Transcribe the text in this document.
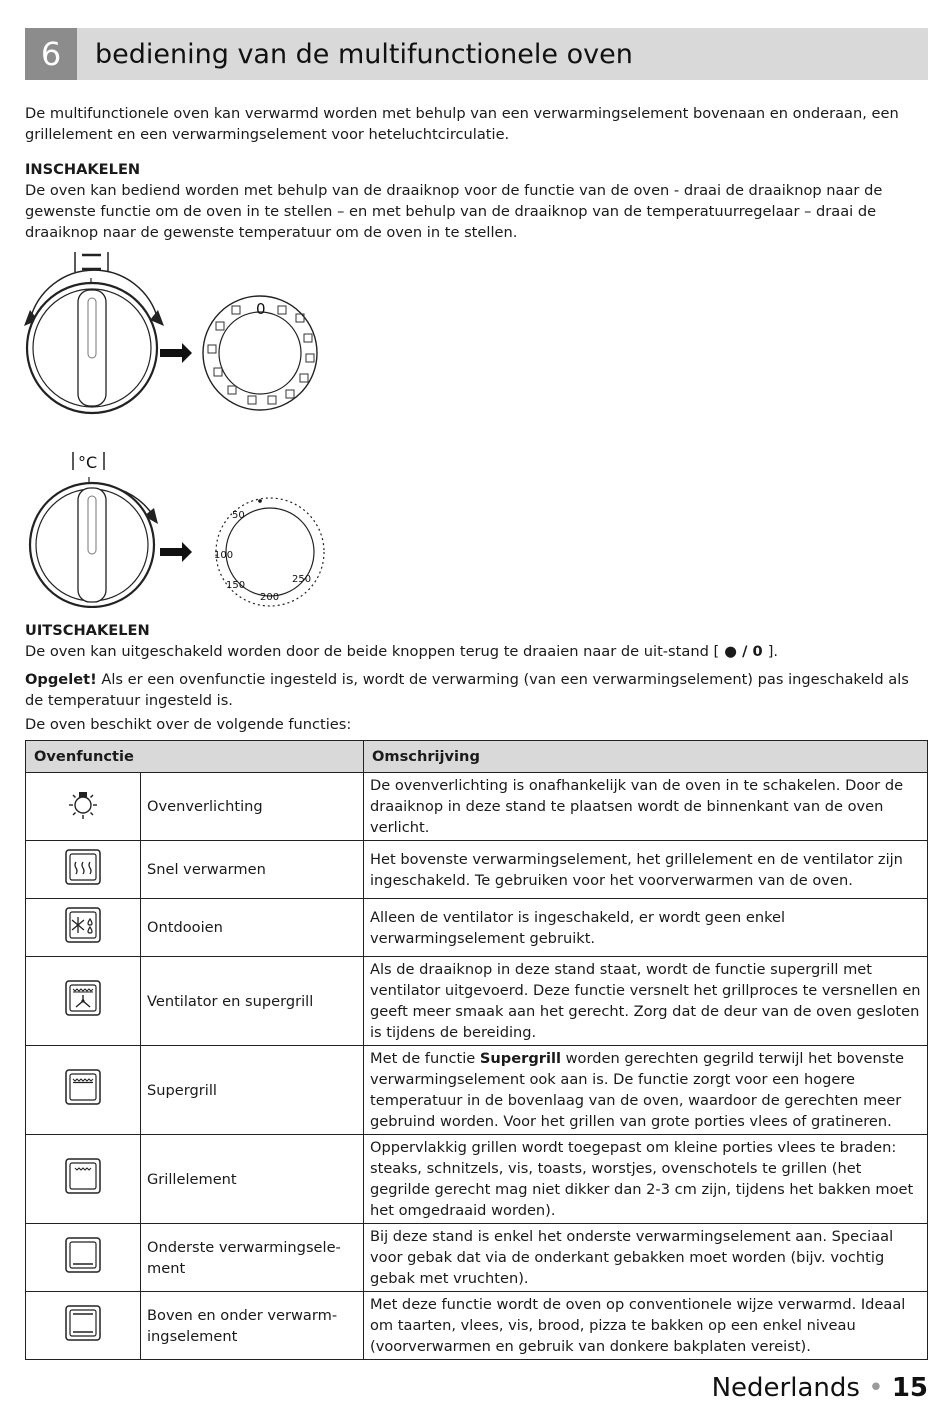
6	bediening van de multifunctionele oven
De multifunctionele oven kan verwarmd worden met behulp van een verwarmingselement bovenaan en onderaan, een grillelement en een verwarmingselement voor heteluchtcirculatie.
INSCHAKELEN
De oven kan bediend worden met behulp van de draaiknop voor de functie van de oven - draai de draaiknop naar de gewenste functie om de oven in te stellen – en met behulp van de draaiknop van de temperatuurregelaar – draai de draaiknop naar de gewenste temperatuur om de oven in te stellen.
0
°C
50
100
150
200
250
UITSCHAKELEN
De oven kan uitgeschakeld worden door de beide knoppen terug te draaien naar de uit-stand [ ● / 0 ].
Opgelet! Als er een ovenfunctie ingesteld is, wordt de verwarming (van een verwarmingselement) pas ingeschakeld als de temperatuur ingesteld is.
De oven beschikt over de volgende functies:
Ovenfunctie		Omschrijving
	Ovenverlichting	De ovenverlichting is onafhankelijk van de oven in te schakelen. Door de draaiknop in deze stand te plaatsen wordt de binnenkant van de oven verlicht.
	Snel verwarmen	Het bovenste verwarmingselement, het grillelement en de ventilator zijn ingeschakeld. Te gebruiken voor het voorverwarmen van de oven.
	Ontdooien	Alleen de ventilator is ingeschakeld, er wordt geen enkel verwarmingselement gebruikt.
	Ventilator en supergrill	Als de draaiknop in deze stand staat, wordt de functie supergrill met ventilator uitgevoerd. Deze functie versnelt het grillproces te versnellen en geeft meer smaak aan het gerecht. Zorg dat de deur van de oven gesloten is tijdens de bereiding.
	Supergrill	Met de functie Supergrill worden gerechten gegrild terwijl het bovenste verwarmingselement ook aan is. De functie zorgt voor een hogere temperatuur in de bovenlaag van de oven, waardoor de gerechten meer gebruind worden. Voor het grillen van grote porties vlees of gratineren.
	Grillelement	Oppervlakkig grillen wordt toegepast om kleine porties vlees te braden: steaks, schnitzels, vis, toasts, worstjes, ovenschotels te grillen (het gegrilde gerecht mag niet dikker dan 2-3 cm zijn, tijdens het bakken moet het omgedraaid worden).
	Onderste verwarmingsele-ment	Bij deze stand is enkel het onderste verwarmingselement aan. Speciaal voor gebak dat via de onderkant gebakken moet worden (bijv. vochtig gebak met vruchten).
	Boven en onder verwarm-ingselement	Met deze functie wordt de oven op conventionele wijze verwarmd. Ideaal om taarten, vlees, vis, brood, pizza te bakken op een enkel niveau (voorverwarmen en gebruik van donkere bakplaten vereist).
Nederlands • 15
